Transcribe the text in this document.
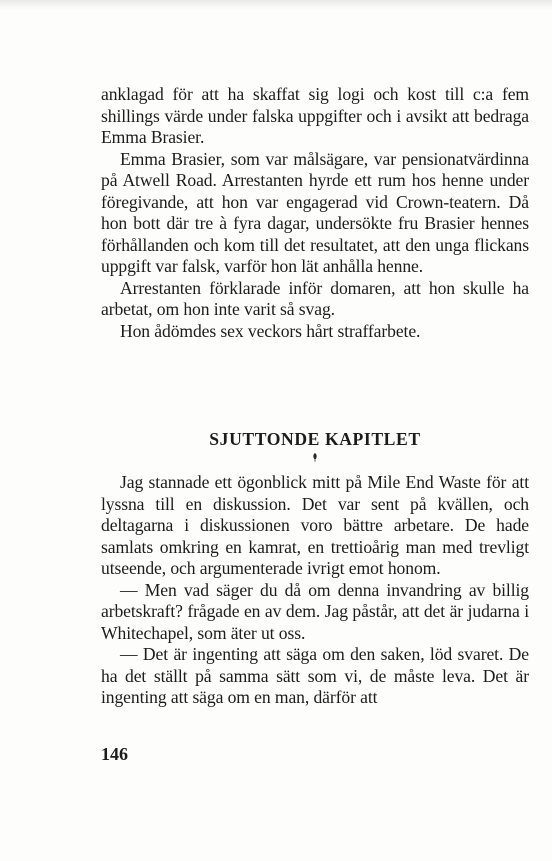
anklagad för att ha skaffat sig logi och kost till c:a fem shillings värde under falska uppgifter och i avsikt att bedraga Emma Brasier.

Emma Brasier, som var målsägare, var pensionatvärdinna på Atwell Road. Arrestanten hyrde ett rum hos henne under föregivande, att hon var engagerad vid Crown-teatern. Då hon bott där tre à fyra dagar, undersökte fru Brasier hennes förhållanden och kom till det resultatet, att den unga flickans uppgift var falsk, varför hon lät anhålla henne.

Arrestanten förklarade inför domaren, att hon skulle ha arbetat, om hon inte varit så svag.

Hon ådömdes sex veckors hårt straffarbete.

SJUTTONDE KAPITLET

Jag stannade ett ögonblick mitt på Mile End Waste för att lyssna till en diskussion. Det var sent på kvällen, och deltagarna i diskussionen voro bättre arbetare. De hade samlats omkring en kamrat, en trettioårig man med trevligt utseende, och argumenterade ivrigt emot honom.

— Men vad säger du då om denna invandring av billig arbetskraft? frågade en av dem. Jag påstår, att det är judarna i Whitechapel, som äter ut oss.

— Det är ingenting att säga om den saken, löd svaret. De ha det ställt på samma sätt som vi, de måste leva. Det är ingenting att säga om en man, därför att

146
